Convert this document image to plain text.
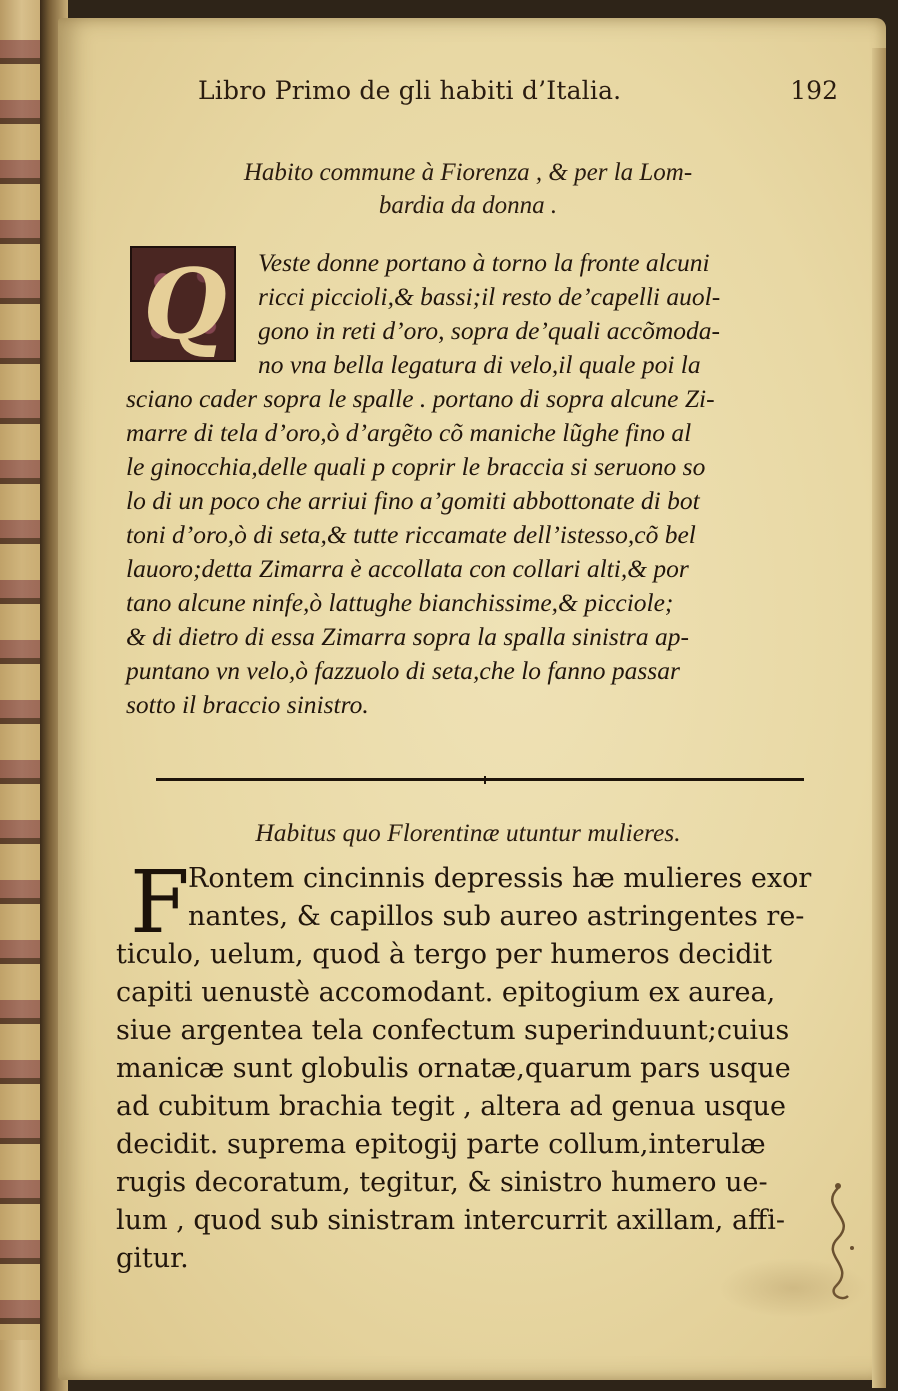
Libro Primo de gli habiti d’Italia.	192
Habito commune à Fiorenza , & per la Lom-
bardia da donna .
Q	Veste donne portano à torno la fronte alcuni
ricci piccioli,& bassi;il resto de’capelli auol-
gono in reti d’oro, sopra de’quali accõmoda-
no vna bella legatura di velo,il quale poi la
sciano cader sopra le spalle . portano di sopra alcune Zi-
marre di tela d’oro,ò d’argẽto cõ maniche lũghe fino al
le ginocchia,delle quali p coprir le braccia si seruono so
lo di un poco che arriui fino a’gomiti abbottonate di bot
toni d’oro,ò di seta,& tutte riccamate dell’istesso,cõ bel
lauoro;detta Zimarra è accollata con collari alti,& por
tano alcune ninfe,ò lattughe bianchissime,& picciole;
& di dietro di essa Zimarra sopra la spalla sinistra ap-
puntano vn velo,ò fazzuolo di seta,che lo fanno passar
sotto il braccio sinistro.
Habitus quo Florentinæ utuntur mulieres.
F
Rontem cincinnis depressis hæ mulieres exor
nantes, & capillos sub aureo astringentes re-
ticulo, uelum, quod à tergo per humeros decidit
capiti uenustè accomodant. epitogium ex aurea,
siue argentea tela confectum superinduunt;cuius
manicæ sunt globulis ornatæ,quarum pars usque
ad cubitum brachia tegit , altera ad genua usque
decidit. suprema epitogij parte collum,interulæ
rugis decoratum, tegitur, & sinistro humero ue-
lum , quod sub sinistram intercurrit axillam, affi-
gitur.
